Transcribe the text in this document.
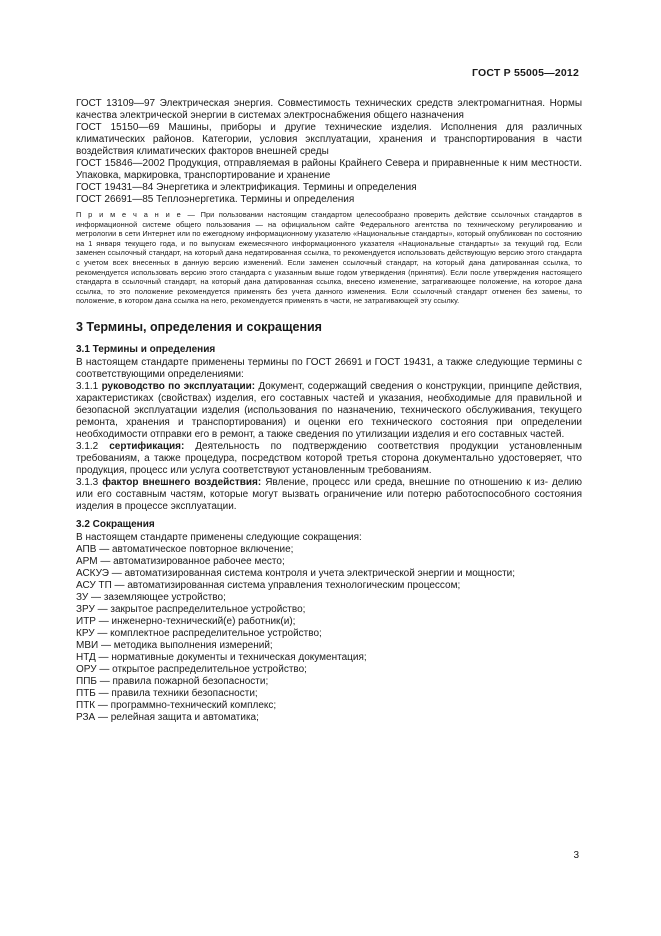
ГОСТ Р 55005—2012
ГОСТ 13109—97 Электрическая энергия. Совместимость технических средств электромагнитная. Нормы качества электрической энергии в системах электроснабжения общего назначения
ГОСТ 15150—69 Машины, приборы и другие технические изделия. Исполнения для различных климатических районов. Категории, условия эксплуатации, хранения и транспортирования в части воздействия климатических факторов внешней среды
ГОСТ 15846—2002 Продукция, отправляемая в районы Крайнего Севера и приравненные к ним местности. Упаковка, маркировка, транспортирование и хранение
ГОСТ 19431—84 Энергетика и электрификация. Термины и определения
ГОСТ 26691—85 Теплоэнергетика. Термины и определения
П р и м е ч а н и е — При пользовании настоящим стандартом целесообразно проверить действие ссылочных стандартов в информационной системе общего пользования — на официальном сайте Федерального агентства по техническому регулированию и метрологии в сети Интернет или по ежегодному информационному указателю «Национальные стандарты», который опубликован по состоянию на 1 января текущего года, и по выпускам ежемесячного информационного указателя «Национальные стандарты» за текущий год. Если заменен ссылочный стандарт, на который дана недатированная ссылка, то рекомендуется использовать действующую версию этого стандарта с учетом всех внесенных в данную версию изменений. Если заменен ссылочный стандарт, на который дана датированная ссылка, то рекомендуется использовать версию этого стандарта с указанным выше годом утверждения (принятия). Если после утверждения настоящего стандарта в ссылочный стандарт, на который дана датированная ссылка, внесено изменение, затрагивающее положение, на которое дана ссылка, то это положение рекомендуется применять без учета данного изменения. Если ссылочный стандарт отменен без замены, то положение, в котором дана ссылка на него, рекомендуется применять в части, не затрагивающей эту ссылку.
3 Термины, определения и сокращения
3.1 Термины и определения
В настоящем стандарте применены термины по ГОСТ 26691 и ГОСТ 19431, а также следующие термины с соответствующими определениями:
3.1.1 руководство по эксплуатации: Документ, содержащий сведения о конструкции, принципе действия, характеристиках (свойствах) изделия, его составных частей и указания, необходимые для правильной и безопасной эксплуатации изделия (использования по назначению, технического обслуживания, текущего ремонта, хранения и транспортирования) и оценки его технического состояния при определении необходимости отправки его в ремонт, а также сведения по утилизации изделия и его составных частей.
3.1.2 сертификация: Деятельность по подтверждению соответствия продукции установленным требованиям, а также процедура, посредством которой третья сторона документально удостоверяет, что продукция, процесс или услуга соответствуют установленным требованиям.
3.1.3 фактор внешнего воздействия: Явление, процесс или среда, внешние по отношению к из- делию или его составным частям, которые могут вызвать ограничение или потерю работоспособного состояния изделия в процессе эксплуатации.
3.2 Сокращения
В настоящем стандарте применены следующие сокращения:
АПВ — автоматическое повторное включение;
АРМ — автоматизированное рабочее место;
АСКУЭ — автоматизированная система контроля и учета электрической энергии и мощности;
АСУ ТП — автоматизированная система управления технологическим процессом;
ЗУ — заземляющее устройство;
ЗРУ — закрытое распределительное устройство;
ИТР — инженерно-технический(е) работник(и);
КРУ — комплектное распределительное устройство;
МВИ — методика выполнения измерений;
НТД — нормативные документы и техническая документация;
ОРУ — открытое распределительное устройство;
ППБ — правила пожарной безопасности;
ПТБ — правила техники безопасности;
ПТК — программно-технический комплекс;
РЗА — релейная защита и автоматика;
3
